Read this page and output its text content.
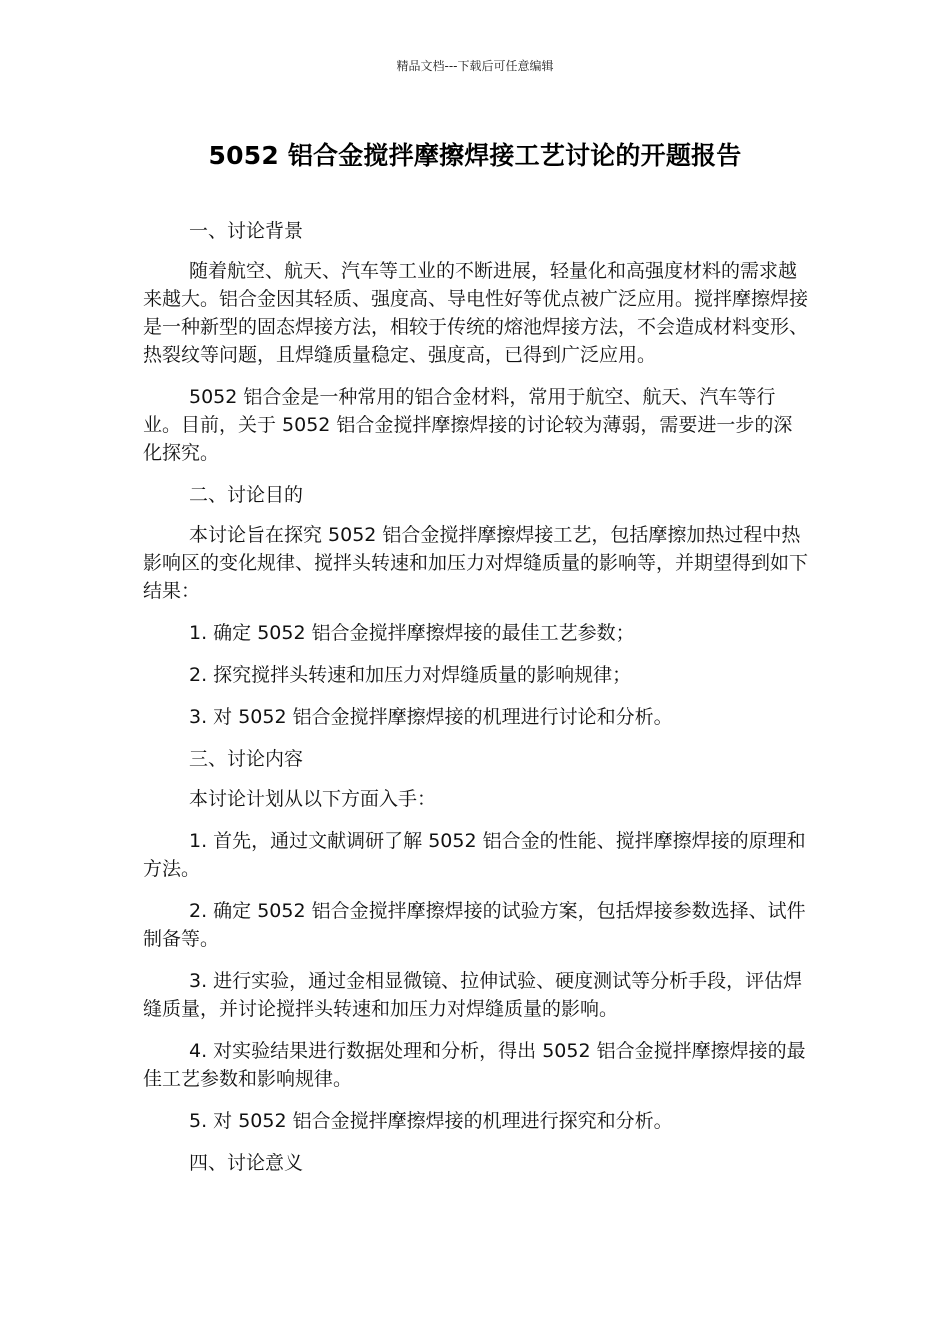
精品文档---下载后可任意编辑
5052 铝合金搅拌摩擦焊接工艺讨论的开题报告

一、讨论背景

随着航空、航天、汽车等工业的不断进展，轻量化和高强度材料的需求越来越大。铝合金因其轻质、强度高、导电性好等优点被广泛应用。搅拌摩擦焊接是一种新型的固态焊接方法，相较于传统的熔池焊接方法，不会造成材料变形、热裂纹等问题，且焊缝质量稳定、强度高，已得到广泛应用。

5052 铝合金是一种常用的铝合金材料，常用于航空、航天、汽车等行业。目前，关于 5052 铝合金搅拌摩擦焊接的讨论较为薄弱，需要进一步的深化探究。

二、讨论目的

本讨论旨在探究 5052 铝合金搅拌摩擦焊接工艺，包括摩擦加热过程中热影响区的变化规律、搅拌头转速和加压力对焊缝质量的影响等，并期望得到如下结果：

1. 确定 5052 铝合金搅拌摩擦焊接的最佳工艺参数；

2. 探究搅拌头转速和加压力对焊缝质量的影响规律；

3. 对 5052 铝合金搅拌摩擦焊接的机理进行讨论和分析。

三、讨论内容

本讨论计划从以下方面入手：

1. 首先，通过文献调研了解 5052 铝合金的性能、搅拌摩擦焊接的原理和方法。

2. 确定 5052 铝合金搅拌摩擦焊接的试验方案，包括焊接参数选择、试件制备等。

3. 进行实验，通过金相显微镜、拉伸试验、硬度测试等分析手段，评估焊缝质量，并讨论搅拌头转速和加压力对焊缝质量的影响。

4. 对实验结果进行数据处理和分析，得出 5052 铝合金搅拌摩擦焊接的最佳工艺参数和影响规律。

5. 对 5052 铝合金搅拌摩擦焊接的机理进行探究和分析。

四、讨论意义
